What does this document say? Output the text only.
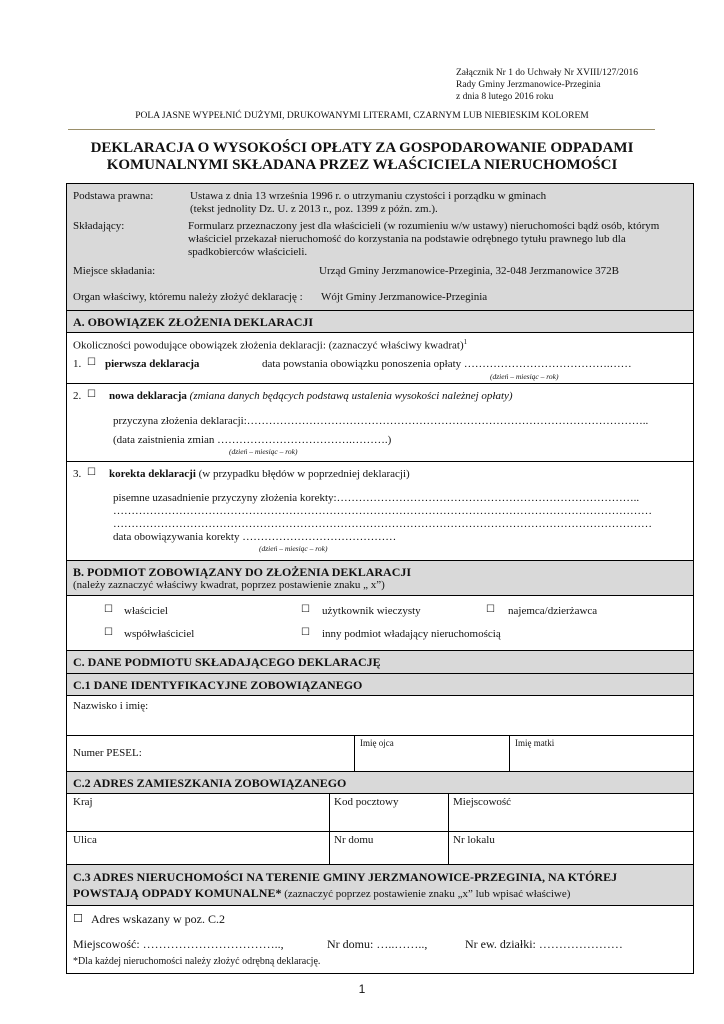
Załącznik Nr 1 do Uchwały Nr XVIII/127/2016
Rady Gminy Jerzmanowice-Przeginia
z dnia 8 lutego 2016 roku
POLA JASNE WYPEŁNIĆ DUŻYMI, DRUKOWANYMI LITERAMI, CZARNYM LUB NIEBIESKIM KOLOREM
DEKLARACJA O WYSOKOŚCI OPŁATY ZA GOSPODAROWANIE ODPADAMI
KOMUNALNYMI SKŁADANA PRZEZ WŁAŚCICIELA NIERUCHOMOŚCI
Podstawa prawna:	Ustawa z dnia 13 września 1996 r. o utrzymaniu czystości i porządku w gminach
(tekst jednolity Dz. U. z 2013 r., poz. 1399 z późn. zm.).
Składający:	Formularz przeznaczony jest dla właścicieli (w rozumieniu w/w ustawy) nieruchomości bądź osób, którym
właściciel przekazał nieruchomość do korzystania na podstawie odrębnego tytułu prawnego lub dla
spadkobierców właścicieli.
Miejsce składania:	Urząd Gminy Jerzmanowice-Przeginia, 32-048 Jerzmanowice 372B
Organ właściwy, któremu należy złożyć deklarację : Wójt Gminy Jerzmanowice-Przeginia
A. OBOWIĄZEK ZŁOŻENIA DEKLARACJI
Okoliczności powodujące obowiązek złożenia deklaracji: (zaznaczyć właściwy kwadrat)$^1$
1. ☐ pierwsza deklaracja	data powstania obowiązku ponoszenia opłaty ………………………………….……
(dzień – miesiąc – rok)
2. ☐ nowa deklaracja (zmiana danych będących podstawą ustalenia wysokości należnej opłaty)
przyczyna złożenia deklaracji:………………………………………………………………………………………………..
(data zaistnienia zmian ……………………………….……….)
(dzień – miesiąc – rok)
3. ☐ korekta deklaracji (w przypadku błędów w poprzedniej deklaracji)
pisemne uzasadnienie przyczyny złożenia korekty:………………………………………………………………………..
…………………………………………………………………………………………………………………………………
…………………………………………………………………………………………………………………………………
data obowiązywania korekty ……………………………………
(dzień – miesiąc – rok)
B. PODMIOT ZOBOWIĄZANY DO ZŁOŻENIA DEKLARACJI
(należy zaznaczyć właściwy kwadrat, poprzez postawienie znaku „ x”)
☐ właściciel	☐ użytkownik wieczysty	☐ najemca/dzierżawca
☐ współwłaściciel	☐ inny podmiot władający nieruchomością
C. DANE PODMIOTU SKŁADAJĄCEGO DEKLARACJĘ
C.1 DANE IDENTYFIKACYJNE ZOBOWIĄZANEGO
Nazwisko i imię:
Numer PESEL:
Imię ojca	Imię matki
C.2 ADRES ZAMIESZKANIA ZOBOWIĄZANEGO
Kraj	Kod pocztowy	Miejscowość
Ulica	Nr domu	Nr lokalu
C.3 ADRES NIERUCHOMOŚCI NA TERENIE GMINY JERZMANOWICE-PRZEGINIA, NA KTÓREJ
POWSTAJĄ ODPADY KOMUNALNE* (zaznaczyć poprzez postawienie znaku „x” lub wpisać właściwe)
☐ Adres wskazany w poz. C.2
Miejscowość: ……………………………..,	Nr domu: …..……..,	Nr ew. działki: …………………
*Dla każdej nieruchomości należy złożyć odrębną deklarację.
1
